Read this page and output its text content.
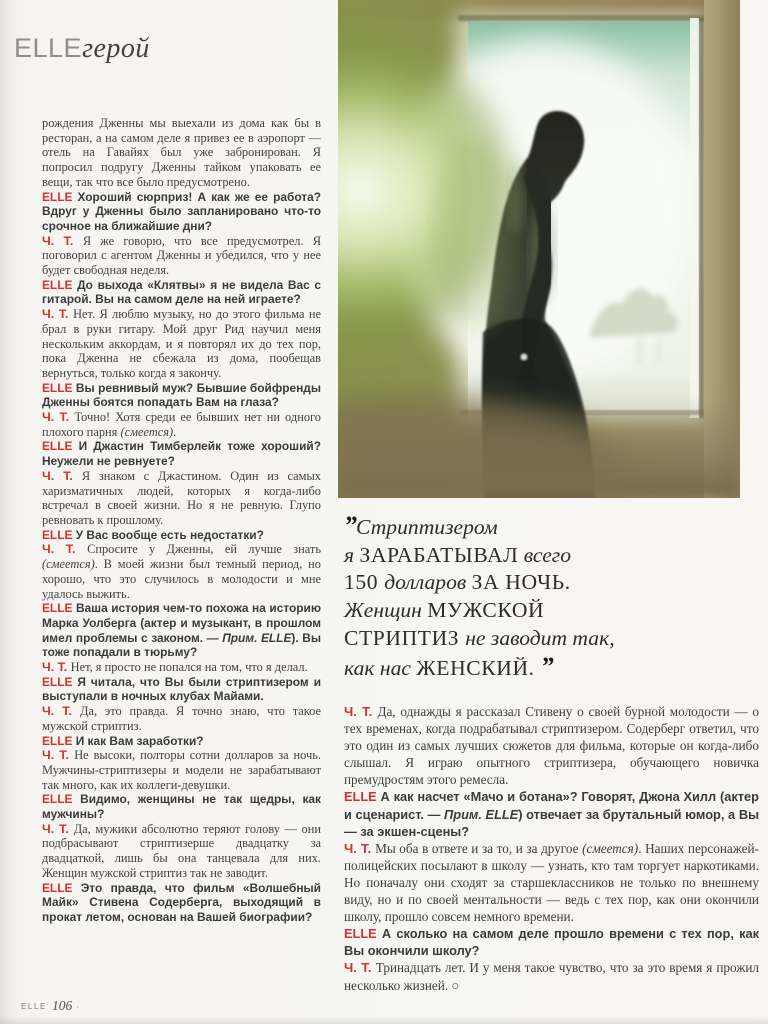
ELLEгерой

рождения Дженны мы выехали из дома как бы в ресторан, а на самом деле я привез ее в аэропорт — отель на Гавайях был уже забронирован. Я попросил подругу Дженны тайком упаковать ее вещи, так что все было предусмотрено.

ELLE Хороший сюрприз! А как же ее работа? Вдруг у Дженны было запланировано что-то срочное на ближайшие дни?

Ч. Т. Я же говорю, что все предусмотрел. Я поговорил с агентом Дженны и убедился, что у нее будет свободная неделя.

ELLE До выхода «Клятвы» я не видела Вас с гитарой. Вы на самом деле на ней играете?

Ч. Т. Нет. Я люблю музыку, но до этого фильма не брал в руки гитару. Мой друг Рид научил меня нескольким аккордам, и я повторял их до тех пор, пока Дженна не сбежала из дома, пообещав вернуться, только когда я закончу.

ELLE Вы ревнивый муж? Бывшие бойфренды Дженны боятся попадать Вам на глаза?

Ч. Т. Точно! Хотя среди ее бывших нет ни одного плохого парня (смеется).

ELLE И Джастин Тимберлейк тоже хороший? Неужели не ревнуете?

Ч. Т. Я знаком с Джастином. Один из самых харизматичных людей, которых я когда-либо встречал в своей жизни. Но я не ревную. Глупо ревновать к прошлому.

ELLE У Вас вообще есть недостатки?

Ч. Т. Спросите у Дженны, ей лучше знать (смеется). В моей жизни был темный период, но хорошо, что это случилось в молодости и мне удалось выжить.

ELLE Ваша история чем-то похожа на историю Марка Уолберга (актер и музыкант, в прошлом имел проблемы с законом. — Прим. ELLE). Вы тоже попадали в тюрьму?

Ч. Т. Нет, я просто не попался на том, что я делал.

ELLE Я читала, что Вы были стриптизером и выступали в ночных клубах Майами.

Ч. Т. Да, это правда. Я точно знаю, что такое мужской стриптиз.

ELLE И как Вам заработки?

Ч. Т. Не высоки, полторы сотни долларов за ночь. Мужчины-стриптизеры и модели не зарабатывают так много, как их коллеги-девушки.

ELLE Видимо, женщины не так щедры, как мужчины?

Ч. Т. Да, мужики абсолютно теряют голову — они подбрасывают стриптизерше двадцатку за двадцаткой, лишь бы она танцевала для них. Женщин мужской стриптиз так не заводит.

ELLE Это правда, что фильм «Волшебный Майк» Стивена Содерберга, выходящий в прокат летом, основан на Вашей биографии?

”Стриптизером
я ЗАРАБАТЫВАЛ всего
150 долларов ЗА НОЧЬ.
Женщин МУЖСКОЙ
СТРИПТИЗ не заводит так,
как нас ЖЕНСКИЙ. ”

Ч. Т. Да, однажды я рассказал Стивену о своей бурной молодости — о тех временах, когда подрабатывал стриптизером. Содерберг ответил, что это один из самых лучших сюжетов для фильма, которые он когда-либо слышал. Я играю опытного стриптизера, обучающего новичка премудростям этого ремесла.

ELLE А как насчет «Мачо и ботана»? Говорят, Джона Хилл (актер и сценарист. — Прим. ELLE) отвечает за брутальный юмор, а Вы — за экшен-сцены?

Ч. Т. Мы оба в ответе и за то, и за другое (смеется). Наших персонажей-полицейских посылают в школу — узнать, кто там торгует наркотиками. Но поначалу они сходят за старшеклассников не только по внешнему виду, но и по своей ментальности — ведь с тех пор, как они окончили школу, прошло совсем немного времени.

ELLE А сколько на самом деле прошло времени с тех пор, как Вы окончили школу?

Ч. Т. Тринадцать лет. И у меня такое чувство, что за это время я прожил несколько жизней. ○

ELLE 106 ·
